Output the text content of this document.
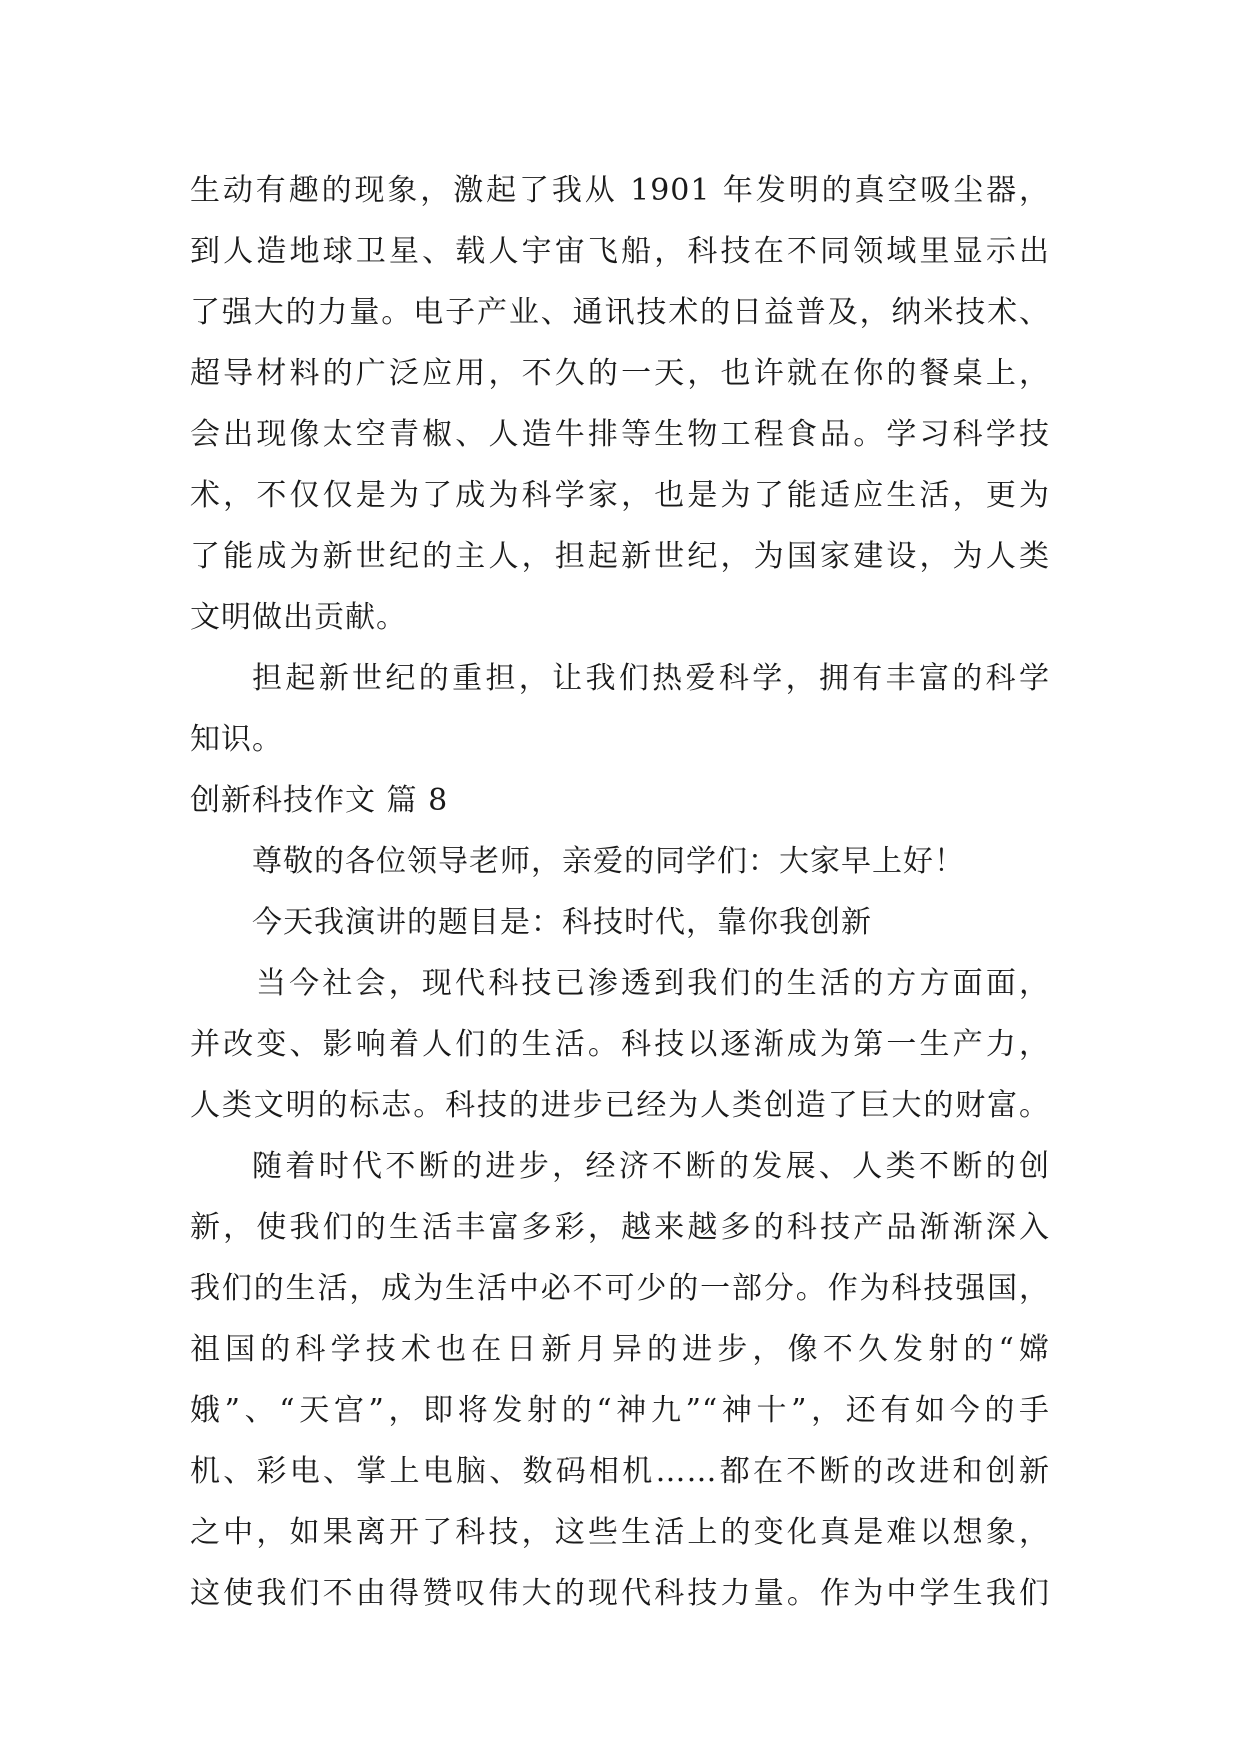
生动有趣的现象，激起了我从 1901 年发明的真空吸尘器，
到人造地球卫星、载人宇宙飞船，科技在不同领域里显示出
了强大的力量。电子产业、通讯技术的日益普及，纳米技术、
超导材料的广泛应用，不久的一天，也许就在你的餐桌上，
会出现像太空青椒、人造牛排等生物工程食品。学习科学技
术，不仅仅是为了成为科学家，也是为了能适应生活，更为
了能成为新世纪的主人，担起新世纪，为国家建设，为人类
文明做出贡献。
担起新世纪的重担，让我们热爱科学，拥有丰富的科学
知识。
创新科技作文 篇 8
尊敬的各位领导老师，亲爱的同学们：大家早上好！
今天我演讲的题目是：科技时代，靠你我创新
当今社会，现代科技已渗透到我们的生活的方方面面，
并改变、影响着人们的生活。科技以逐渐成为第一生产力，
人类文明的标志。科技的进步已经为人类创造了巨大的财富。
随着时代不断的进步，经济不断的发展、人类不断的创
新，使我们的生活丰富多彩，越来越多的科技产品渐渐深入
我们的生活，成为生活中必不可少的一部分。作为科技强国，
祖国的科学技术也在日新月异的进步，像不久发射的“嫦
娥”、“天宫”，即将发射的“神九”“神十”，还有如今的手
机、彩电、掌上电脑、数码相机……都在不断的改进和创新
之中，如果离开了科技，这些生活上的变化真是难以想象，
这使我们不由得赞叹伟大的现代科技力量。作为中学生我们
